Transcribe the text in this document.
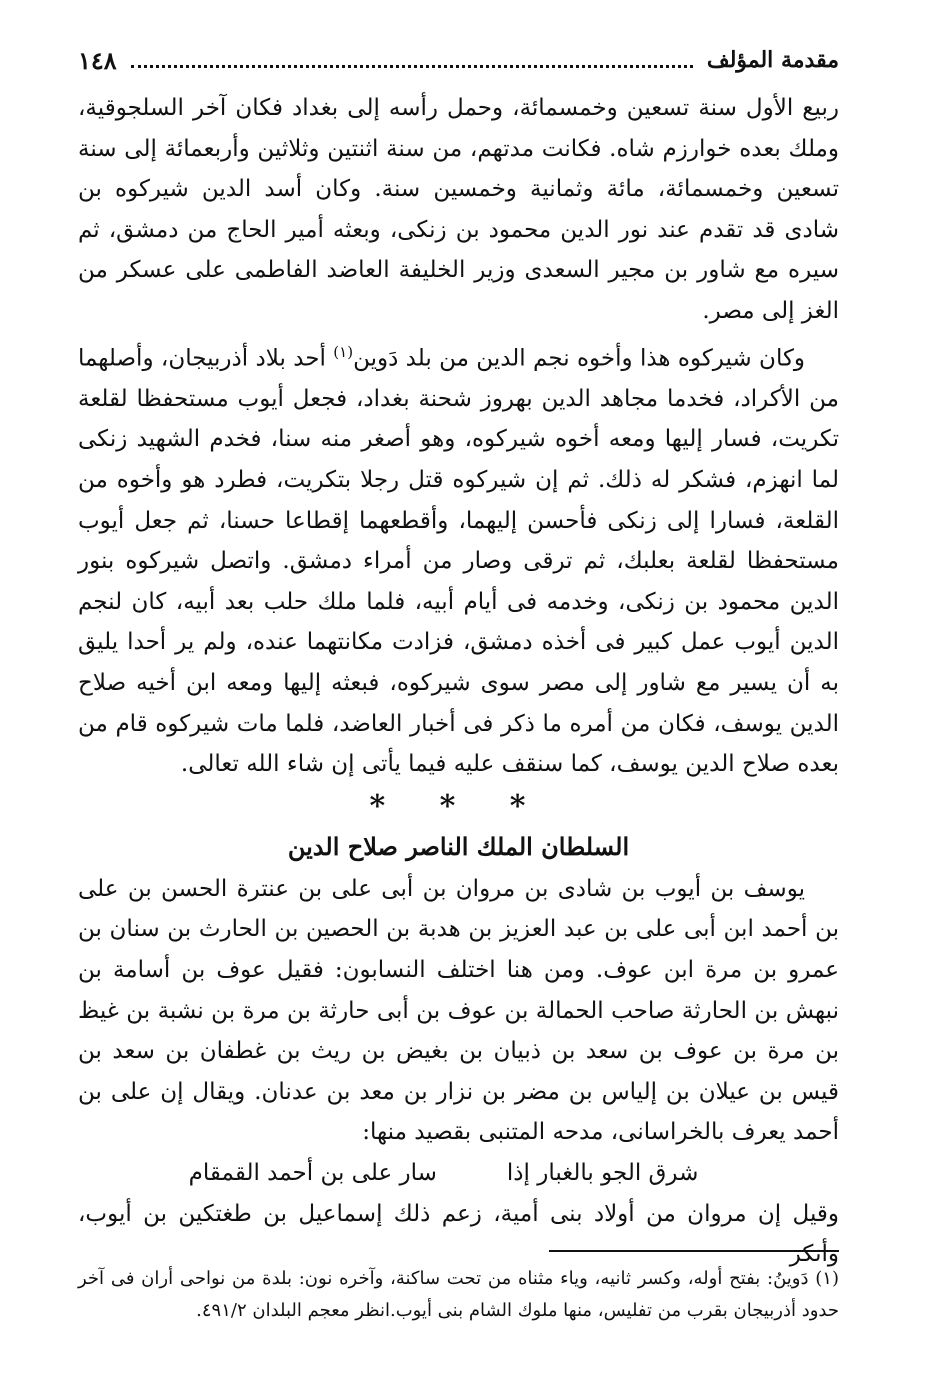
مقدمة المؤلف
١٤٨

ربيع الأول سنة تسعين وخمسمائة، وحمل رأسه إلى بغداد فكان آخر السلجوقية، وملك بعده خوارزم شاه. فكانت مدتهم، من سنة اثنتين وثلاثين وأربعمائة إلى سنة تسعين وخمسمائة، مائة وثمانية وخمسين سنة. وكان أسد الدين شيركوه بن شادى قد تقدم عند نور الدين محمود بن زنكى، وبعثه أمير الحاج من دمشق، ثم سيره مع شاور بن مجير السعدى وزير الخليفة العاضد الفاطمى على عسكر من الغز إلى مصر.

وكان شيركوه هذا وأخوه نجم الدين من بلد دَوين$^{(١)}$ أحد بلاد أذربيجان، وأصلهما من الأكراد، فخدما مجاهد الدين بهروز شحنة بغداد، فجعل أيوب مستحفظا لقلعة تكريت، فسار إليها ومعه أخوه شيركوه، وهو أصغر منه سنا، فخدم الشهيد زنكى لما انهزم، فشكر له ذلك. ثم إن شيركوه قتل رجلا بتكريت، فطرد هو وأخوه من القلعة، فسارا إلى زنكى فأحسن إليهما، وأقطعهما إقطاعا حسنا، ثم جعل أيوب مستحفظا لقلعة بعلبك، ثم ترقى وصار من أمراء دمشق. واتصل شيركوه بنور الدين محمود بن زنكى، وخدمه فى أيام أبيه، فلما ملك حلب بعد أبيه، كان لنجم الدين أيوب عمل كبير فى أخذه دمشق، فزادت مكانتهما عنده، ولم ير أحدا يليق به أن يسير مع شاور إلى مصر سوى شيركوه، فبعثه إليها ومعه ابن أخيه صلاح الدين يوسف، فكان من أمره ما ذكر فى أخبار العاضد، فلما مات شيركوه قام من بعده صلاح الدين يوسف، كما سنقف عليه فيما يأتى إن شاء الله تعالى.

* * *
السلطان الملك الناصر صلاح الدين

يوسف بن أيوب بن شادى بن مروان بن أبى على بن عنترة الحسن بن على بن أحمد ابن أبى على بن عبد العزيز بن هدبة بن الحصين بن الحارث بن سنان بن عمرو بن مرة ابن عوف. ومن هنا اختلف النسابون: فقيل عوف بن أسامة بن نبهش بن الحارثة صاحب الحمالة بن عوف بن أبى حارثة بن مرة بن نشبة بن غيظ بن مرة بن عوف بن سعد بن ذبيان بن بغيض بن ريث بن غطفان بن سعد بن قيس بن عيلان بن إلياس بن مضر بن نزار بن معد بن عدنان. ويقال إن على بن أحمد يعرف بالخراسانى، مدحه المتنبى بقصيد منها:

شرق الجو بالغبار إذا
سار على بن أحمد القمقام

وقيل إن مروان من أولاد بنى أمية، زعم ذلك إسماعيل بن طغتكين بن أيوب، وأنكر

(١) دَوينُ: بفتح أوله، وكسر ثانيه، وياء مثناه من تحت ساكنة، وآخره نون: بلدة من نواحى أران فى آخر حدود أذربيجان بقرب من تفليس، منها ملوك الشام بنى أيوب.انظر معجم البلدان ٤٩١/٢.
